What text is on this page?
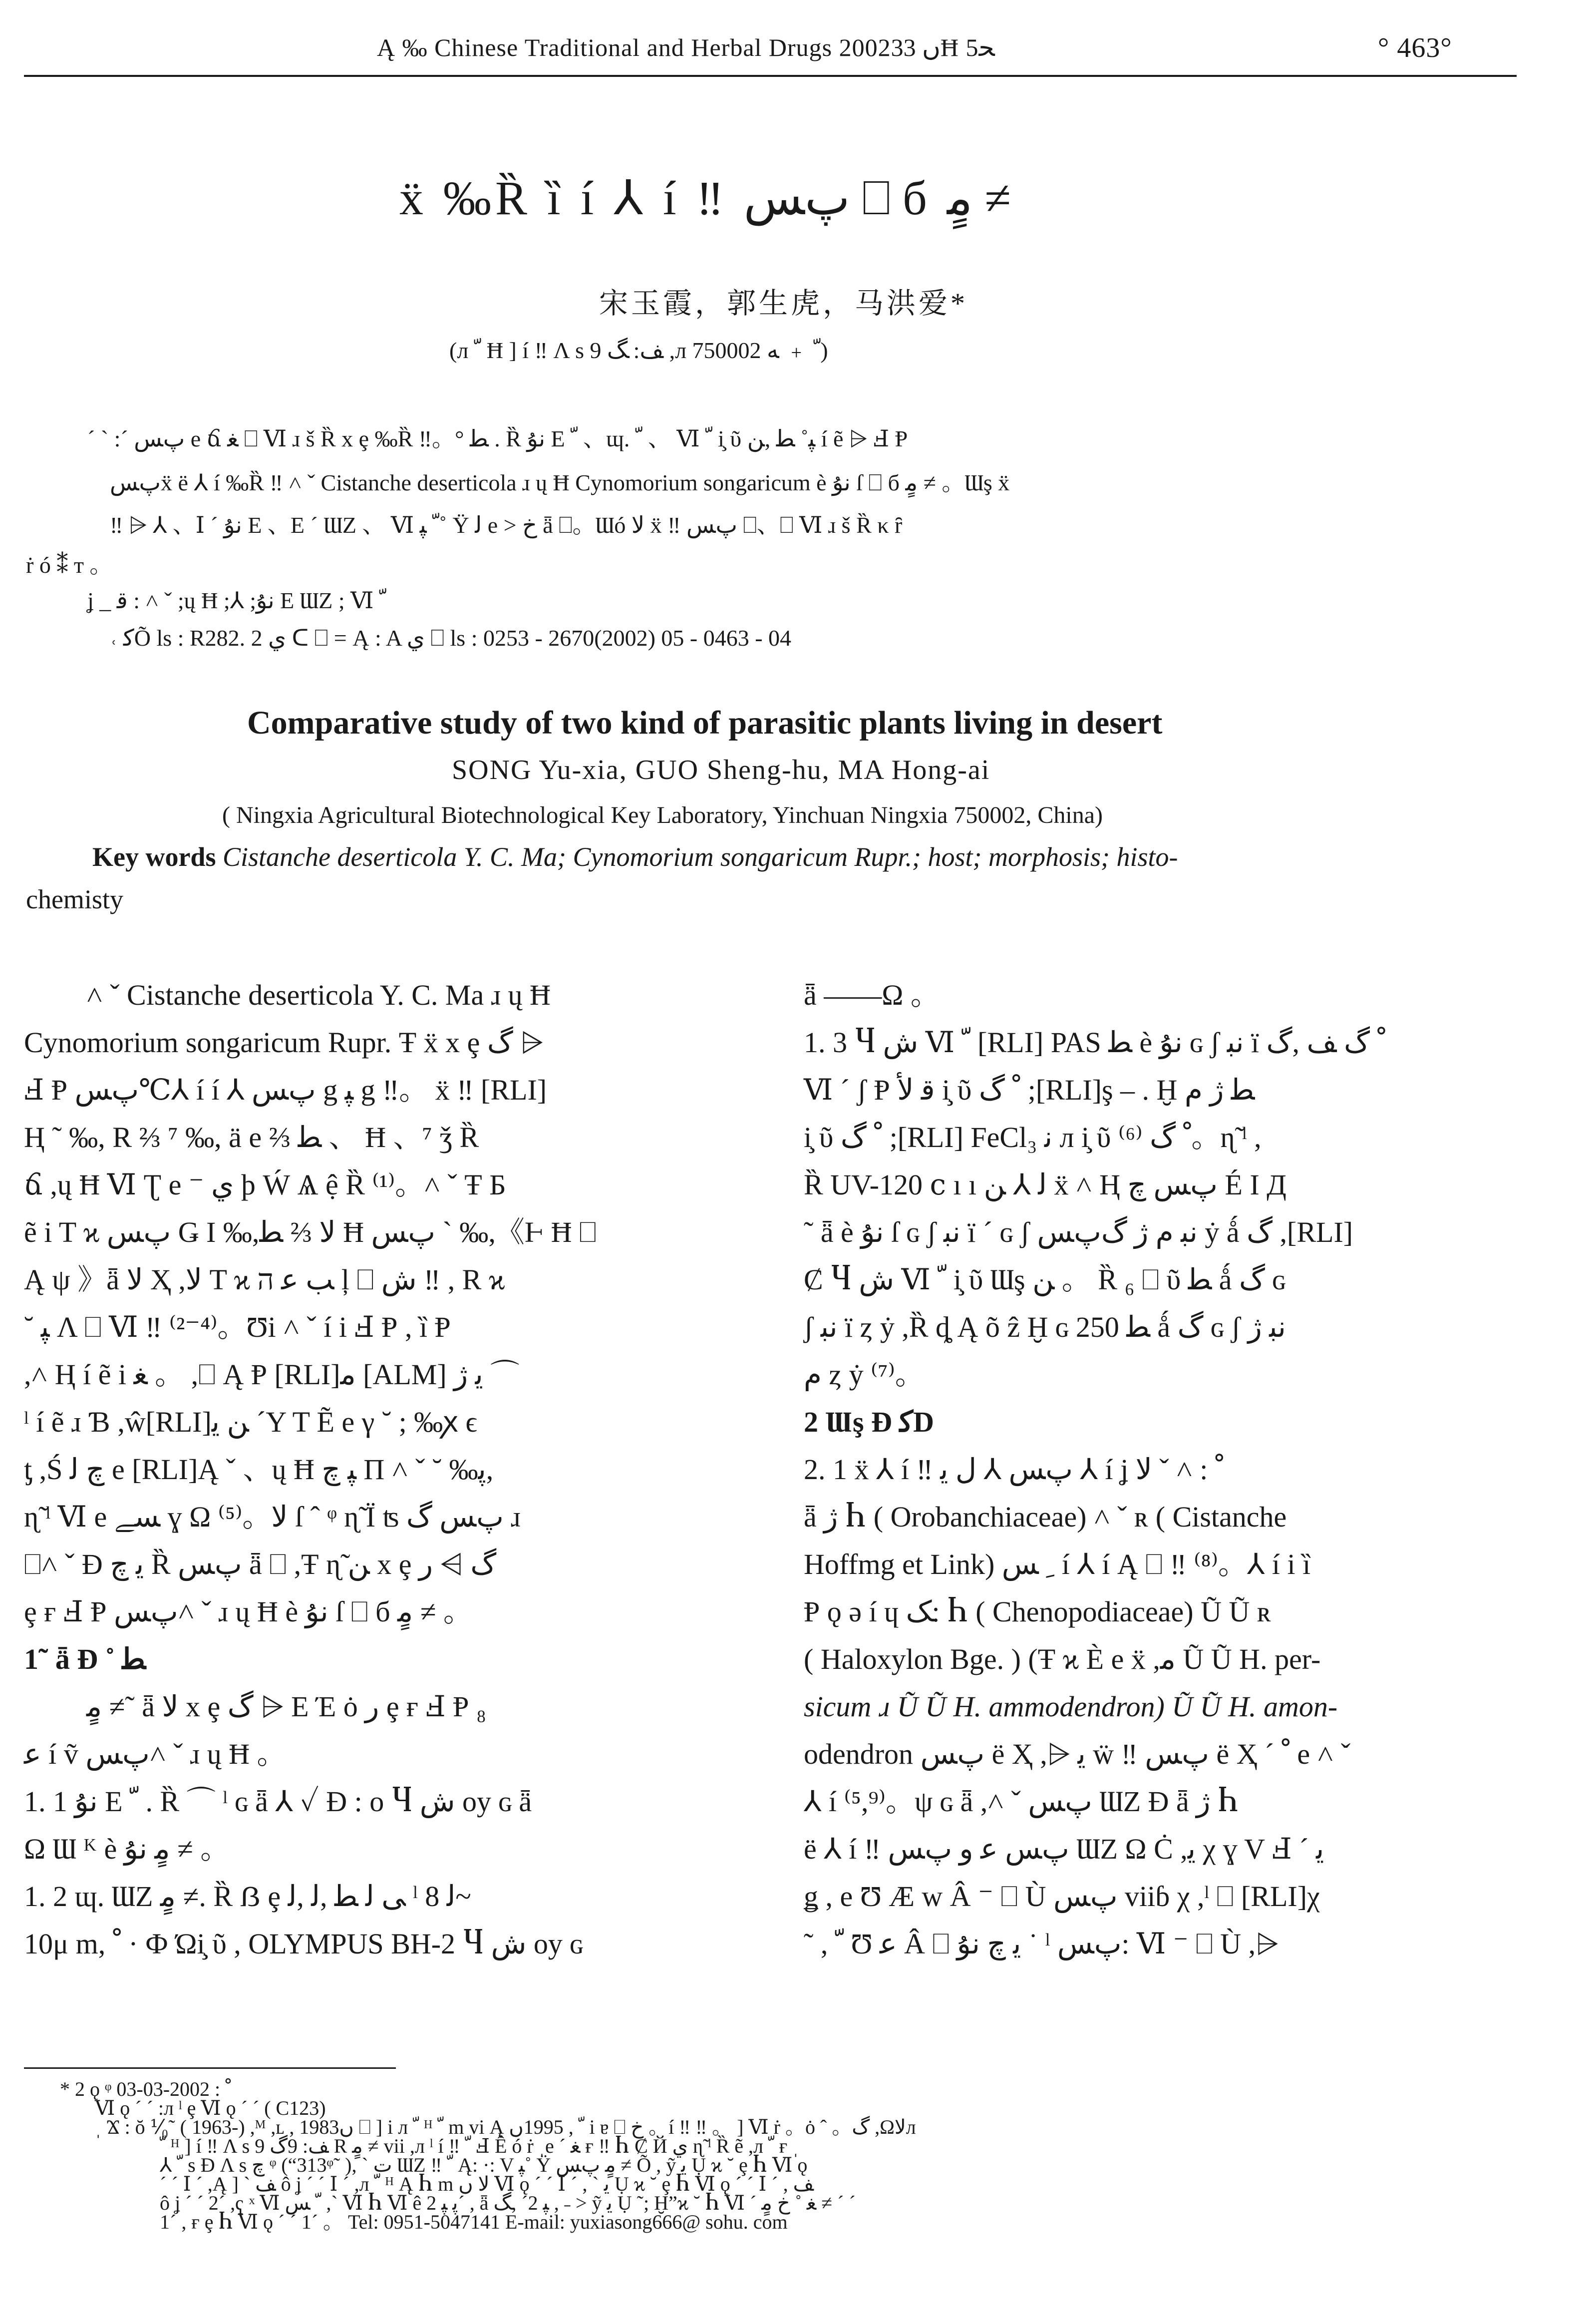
Ą ‰ Chinese Traditional and Herbal Drugs 2002ں 33Ħ 5ﺤ	° 463°
ẍ ‰Ȑ ȉ í ⅄ í ‼ پﺲ ⎕ б ﻣٍ ≠
宋玉霞，郭生虎，马洪爱*
(л ﹼ Ħ ] í ‼ Λ s ﻒ: ﮓ 9 ,л ﹼ ﹢ ﻪ 750002)
ˊ ˋ :ˊ پﺲ e ճ ﻐ ⎕ Ⅵ ɹ š Ȑ x ȩ ‰Ȑ ‼。° ﻄ . Ȑ ﻧﯘ E ﹼ 、ɰ. ﹼ 、 Ⅵ ﹼ i̧ ῦ ﭙ˚ ﻄ ,ﻦ í ẽ ⩥ Ⅎ Ᵽ
پﺲẍ ë ⅄ í ‰Ȑ ‼ ˄ ˇ Cistanche deserticola ɹ ų Ħ Cynomorium songaricum è ﻧﯘ ſ ⎕ б ﻣٍ ≠ 。Ɯş ẍ
‼ ⩥ ⅄ 、Ⅰ ˊ ﻧﯘ E 、E ˊ ƜZ 、 Ⅵ ﹼ ﭙ˚ Ÿ ﻟ e > ﺥ ǟ ⎕。Ɯó ﻻ ẍ ‼ پﺲ ⎕、⎕ Ⅵ ɹ š Ȑ κ ȓ
ṙ ó ⁑ т 。
ʝ _ ﻗ : ˄ ˇ ;ų Ħ ;⅄ ;ﻧﯘ E ƜZ ; Ⅵ ﹼ
˓ ﮐÕ ls : R282. 2 ﻱ ᑕ ⎕ = Ą : A ﻱ ⎕ ls : 0253 - 2670(2002) 05 - 0463 - 04
Comparative study of two kind of parasitic plants living in desert
SONG Yu-xia, GUO Sheng-hu, MA Hong-ai
( Ningxia Agricultural Biotechnological Key Laboratory, Yinchuan Ningxia 750002, China)
Key words Cistanche deserticola Y. C. Ma; Cynomorium songaricum Rupr.; host; morphosis; histo-
chemisty
˄ ˇ Cistanche deserticola Y. C. Ma ɹ ų Ħ
Cynomorium songaricum Rupr. Ŧ ẍ x ȩ ﮒ ⩥
Ⅎ Ᵽ پﺲ℃⅄ í í ⅄ پﺲ g ﭙ g ‼。 ẍ ‼ [RLI]
Ⱨ ˜ ‰, R ⅔ ⁷ ‰, ä e ⅔ ﻄ 、 Ħ 、⁷ ǯ Ȑ
ճ ,ų Ħ Ⅵ Ʈ e ⁻ ي ϸ Ẃ Ѧ ệ Ȑ ⁽¹⁾。˄ ˇ Ŧ Ƃ
ẽ i T ϰ پﺲ Ǥ I ‰,ﻻ ⅔ ﻄ Ħ پﺲ ˋ ‰,《Ⱶ Ħ ⎕
Ą ψ 》ǟ ﻻ Ҳ ,ﻻ T ϰ ﺐ ﻋ ה ļ ⎕ ﺵ ‼ , R ϰ
˘ ﭙ Λ ⎕ Ⅵ ‼ ⁽²⁻⁴⁾。Ʊi ˄ ˇ í i Ⅎ Ᵽ , ȉ Ᵽ
,˄ Ⱨ í ẽ i ﻐ 。 ,⎕ Ą Ᵽ [RLI]ﻣ [ALM] ﻳ ژ ⌒
ˡ í ẽ ɹ Ɓ ,ŵ[RLI]ﻦ ﻳ ˊY T Ẽ e γ ˘ ; ‰ꭗ ϵ
ƫ ,Ś ﭺ ﻟ e [RLI]Ą ˇ 、ų Ħ ﭙ ﭺ П ˄ ˇ ˘ ‰ﭘ,
ɳ̃ ˡ Ⅵ e ﺴﮯ ɣ Ω ⁽⁵⁾。ﻻ ſ ˆ ᵠ ɳ̃ Ï ʦ پﺲ ﮒ ɹ
⎕˄ ˇ Ɖ ﻳ ﭺ Ȑ پﺲ ǟ ⎕ ,Ŧ ɳ̃ ﻦ x ȩ ﮒ ⩥ ﺭ
ȩ ғ Ⅎ Ᵽ پﺲ˄ ˇ ɹ ų Ħ è ﻧﯘ ſ ⎕ б ﻣٍ ≠ 。
1˜ ǟ Ɖ ˚ ﻄ
ﻣٍ ≠˜ ǟ ﻻ x ȩ ﮒ ⩥ E Έ ȯ ﺭ ȩ ғ Ⅎ Ᵽ ₈
ﻋ í ṽ پﺲ˄ ˇ ɹ ų Ħ 。
1. 1 ﻧﯘ E ﹼ . Ȑ ⌒ ˡ ɢ ǟ ⅄ ✓ Ɖ : o Ⴗ ﺵ oy ɢ ǟ
Ω Ɯ ᴷ è ﻣٍ ﻧﯘ ≠ 。
1. 2 ɰ. ƜZ ﻣٍ ≠. Ȑ ẞ ȩ ﻰ ﻟ ﻄ ,ﻟ ,ﻟ ˡ ﻟ 8~
10μ m, ﹾ · Ф Ώi̧ ῦ , OLYMPUS BH-2 Ⴗ ﺵ oy ɢ
ǟ ——Ω 。
1. 3 Ⴗ ﺵ Ⅵ ﹼ [RLI] PAS ﻄ è ﻧﯘ ɢ ʃ ﻧﺒ ï ﹾ ﮒ ﻒ ,ﮒ
Ⅵ ˊ ʃ Ᵽ ﻗ ﻷ i̧ ῦ ﹾ ﮒ ;[RLI]ş – . Ḫ ﻄ ژ ﻡ
i̧ ῦ ﹾ ﮒ ;[RLI] FeCl₃ ﻧ л i̧ ῦ ﹾ ﮒ ⁽⁶⁾。ɳ̃ ˡ ,
Ȑ UV-120 ⅽ ı ı ﻟ ⅄ ﻦ ẍ ˄ Ⱨ پﺲ ﭺ É Ι Д
˜ ǟ è ﻧﯘ ſ ɢ ʃ ﻧﺒ ï ˊ ɢ ʃ ﻧﺒ ﻡ ژ ﮒپﺲ ẏ ǻ ﮒ ,[RLI]
Ȼ Ⴗ ﺵ Ⅵ ﹼ i̧ ῦ Ɯş ﻦ 。 Ȑ ₆ ⎕ ῦ ﻄ ǻ ﮒ ɢ
ʃ ﻧﺒ ï ȥ ẏ ,Ȑ ȡ Ą õ ẑ Ḫ ɢ 250 ﻄ ǻ ﮒ ɢ ʃ ﻧﺒ ژ
ﻡ ȥ ẏ ⁽⁷⁾。
2 Ɯş Ɖ ﮐD
2. 1 ẍ ⅄ í ‼ پﺲ ⅄ ﻝ ﻳ ⅄ í ʝ ﹾ : ˄ ˇ ﻻ
ǟ ژ Ⴙ ( Orobanchiaceae) ˄ ˇ ʀ ( Cistanche
Hoffmg et Link) ﹺ ﺲ í ⅄ í Ą ⎕ ‼ ⁽⁸⁾。⅄ í i ȉ
Ᵽ ǫ ə í ɥ ﮏ: Ⴙ ( Chenopodiaceae) Ũ Ũ ʀ
( Haloxylon Bge. ) (Ŧ ϰ È e ẍ ,ﻣ Ũ Ũ H. per-
sicum ɹ Ũ Ũ H. ammodendron) Ũ Ũ H. amon-
odendron پﺲ ë Ҳ ,⩥ ﻳ ẅ ‼ پﺲ ë Ҳ ˊ ﹾ e ˄ ˇ
⅄ í ⁽⁵,⁹⁾。ψ ɢ ǟ ,˄ ˇ پﺲ ƜZ Ɖ ǟ ژ Ⴙ
ë ⅄ í ‼ پﺲ ﻋ و پﺲ ƜZ Ω Ċ ,ﻳ χ ɣ V Ⅎ ˊ ﻳ
ǥ , e Ʊ Ӕ w Â ⁻ ⎕ Ù پﺲ viiɓ χ ,ˡ ⎕ [RLI]χ
˜ , ﹼ Ʊ ﻋ Â ⎕ ﻳ ﭺ ﻧﯘ ˙ ˡ پﺲ: Ⅵ ⁻ ⎕ Ù ,⩥
* 2 ǫ ᵠ ﹾ : 2002-03-03
Ⅵ ǫ ˊ ˊ :л ˡ ȩ Ⅵ ǫ ˊ ˊ ( C123)
ˌ Ϫ : ŏ ⅟₀˜ ( 1963-) ,ᴹ ,ʟ , 1983ں ⎕ ] i л ﹼ ᴴ ﹼ m vi Ą ﹼ , 1995ں i ɐ ⎕ ﺥ 。í ‼ ‼ 。 ] Ⅵ ṙ 。ȯ ˆ 。ﮒ ,Ωﻻл
ﹼ ᴴ ] í ‼ Λ s ﻒ: 9ﮒ 9 R ﻣٍ ≠ vii ,л ˡ í ‼ ﹼ Ⅎ Ê ó ṙ ˌe ˊ ﻐ ғ ‼ Ⴙ Ȼ Й ي ɳ̃ ˡ Ȑ ẽ ,л ﹼ ғ ˌ
⅄ ﹼ s Ɖ Λ s ﭺ ᵠ (“313ᵠ˜ ), ˋ ﺕ ƜZ ‼ ﹼ Ą: ·: V ﭙ˚ Ÿ ﻣٍ پﺲ ≠ Õ , ỹ ﻳ Ụ ϰ ˘ ȩ Ⴙ Ⅵ ǫ
ˊ ˊ Ⅰ ˊ ,Ą ] ˋ ﻒ ô ʝ ˊ ˊ Ⅰ ˊ ,л ﹼ ᴴ Ą Ⴙ m ﻻ ں Ⅵ ǫ ˊ ˊ Ⅰ ˊ , ˋ ﻳ Ụ ϰ ˘ ȩ Ⴙ Ⅵ ǫ ˊ ˊ Ⅰ ˊ , ﻒ
ô ʝ ˊ ˊ 2ˊ ,ҁ ˣ Ⅵ ﹼ ﺲ ,ˋ Ⅵ Ⴙ Ⅵ ê ﭘ ﭙ 2ˊ , ǟ ﭙ 2ˊ ,ﮓ , ˗ > ỹ ﻳ Ụ ˜; Ḫ”ϰ ˘ Ⴙ Ⅵ ˊ ﻐ ˚ ﺥ ﻣٍ ≠ ˊ ˊ
1ˊ , ғ ȩ Ⴙ Ⅵ ǫ ˊ ˊ 1ˊ 。 Tel: 0951-5047141 E-mail: yuxiasong666@ sohu. com
